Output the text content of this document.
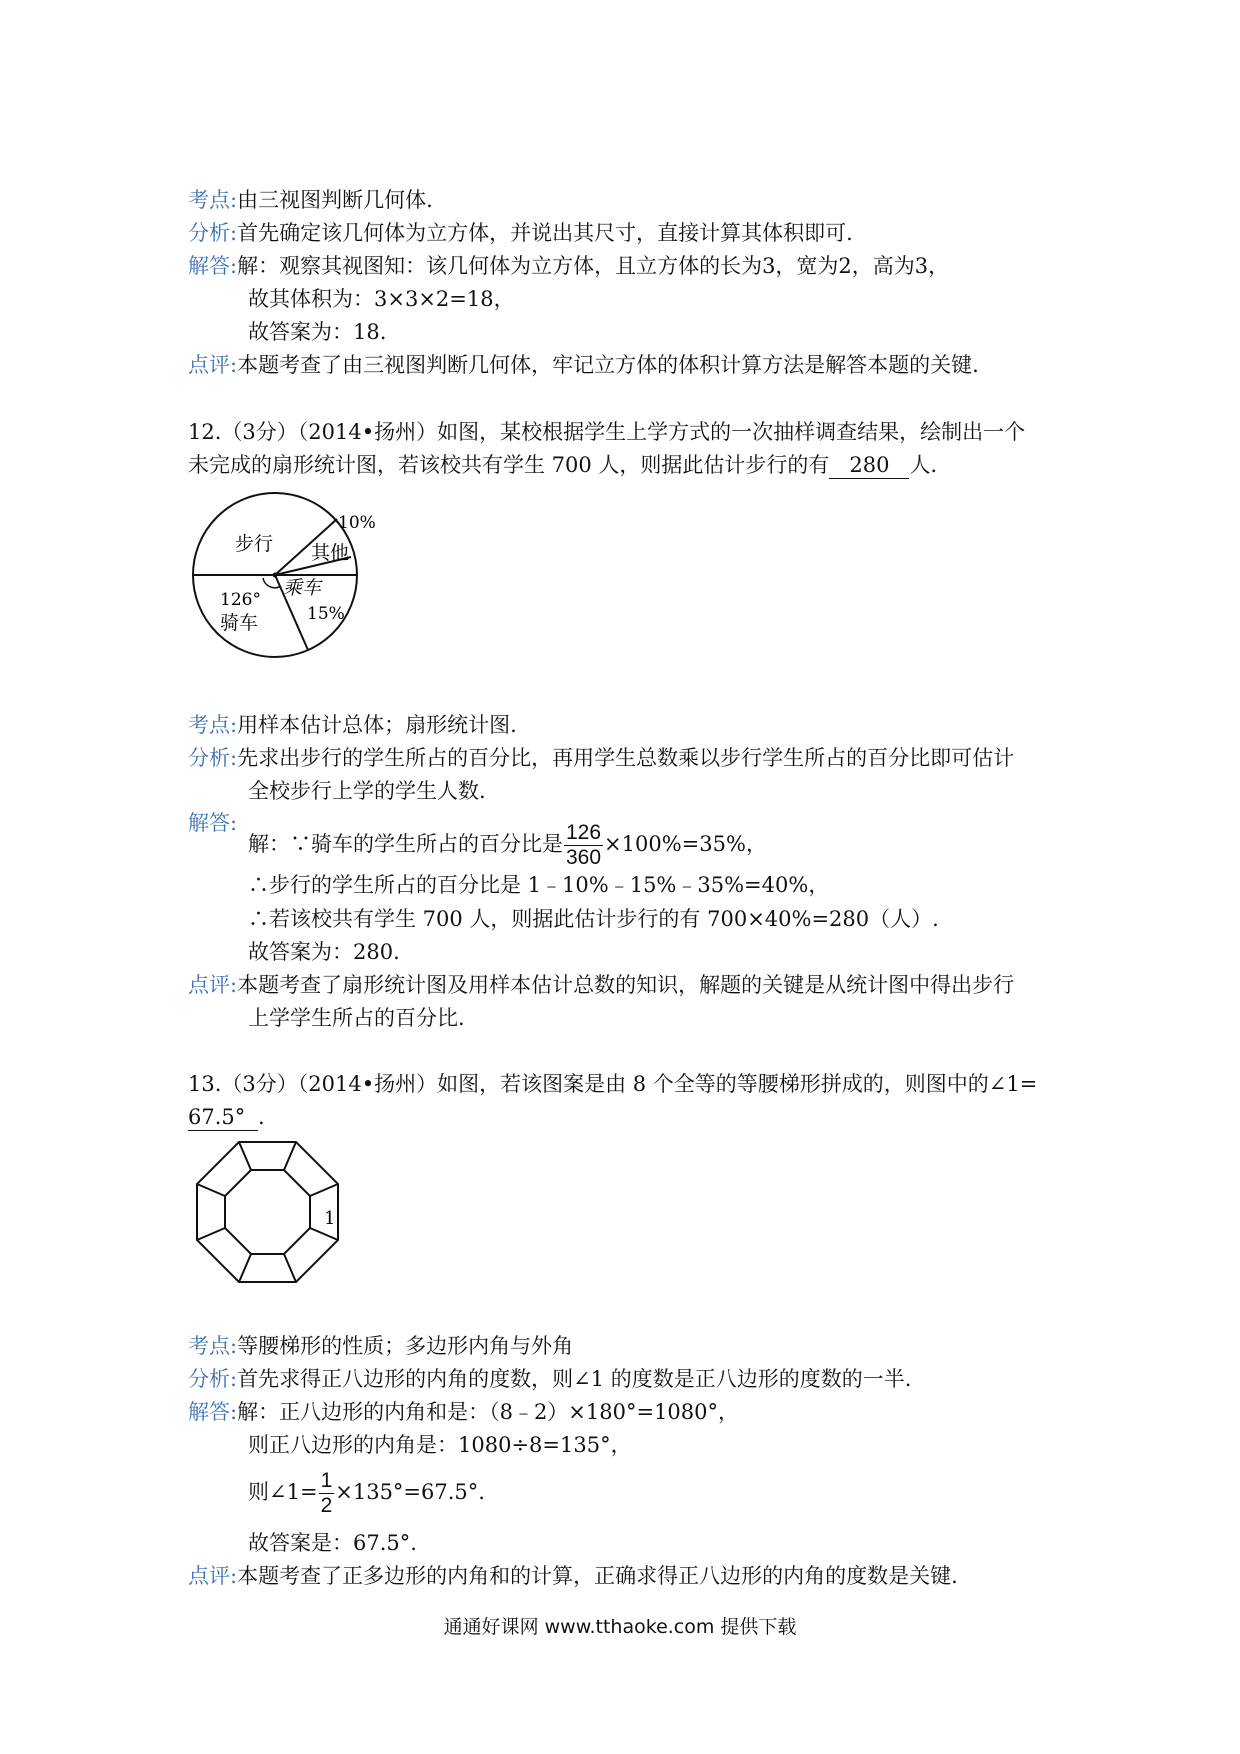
考点:由三视图判断几何体.
分析:首先确定该几何体为立方体，并说出其尺寸，直接计算其体积即可.
解答:解：观察其视图知：该几何体为立方体，且立方体的长为3，宽为2，高为3，
故其体积为：3×3×2=18，
故答案为：18.
点评:本题考查了由三视图判断几何体，牢记立方体的体积计算方法是解答本题的关键.
12.（3分）（2014•扬州）如图，某校根据学生上学方式的一次抽样调查结果，绘制出一个
未完成的扇形统计图，若该校共有学生 700 人，则据此估计步行的有 280 人.
步行
10%
其他
乘车
15%
126°
骑车
考点:用样本估计总体；扇形统计图.
分析:先求出步行的学生所占的百分比，再用学生总数乘以步行学生所占的百分比即可估计
全校步行上学的学生人数.
解答:
解：∵骑车的学生所占的百分比是 $\frac{126}{360} \times 100\%=35\%$，
∴步行的学生所占的百分比是 1﹣10%﹣15%﹣35%=40%，
∴若该校共有学生 700 人，则据此估计步行的有 700×40%=280（人）.
故答案为：280.
点评:本题考查了扇形统计图及用样本估计总数的知识，解题的关键是从统计图中得出步行
上学学生所占的百分比.
13.（3分）（2014•扬州）如图，若该图案是由 8 个全等的等腰梯形拼成的，则图中的∠1=
67.5° .
1
考点:等腰梯形的性质；多边形内角与外角
分析:首先求得正八边形的内角的度数，则∠1 的度数是正八边形的度数的一半.
解答:解：正八边形的内角和是：（8﹣2）×180°=1080°，
则正八边形的内角是：1080÷8=135°，
则∠1= $\frac{1}{2} \times 135^\circ=67.5^\circ$.
故答案是：67.5°.
点评:本题考查了正多边形的内角和的计算，正确求得正八边形的内角的度数是关键.
通通好课网 www.tthaoke.com 提供下载
